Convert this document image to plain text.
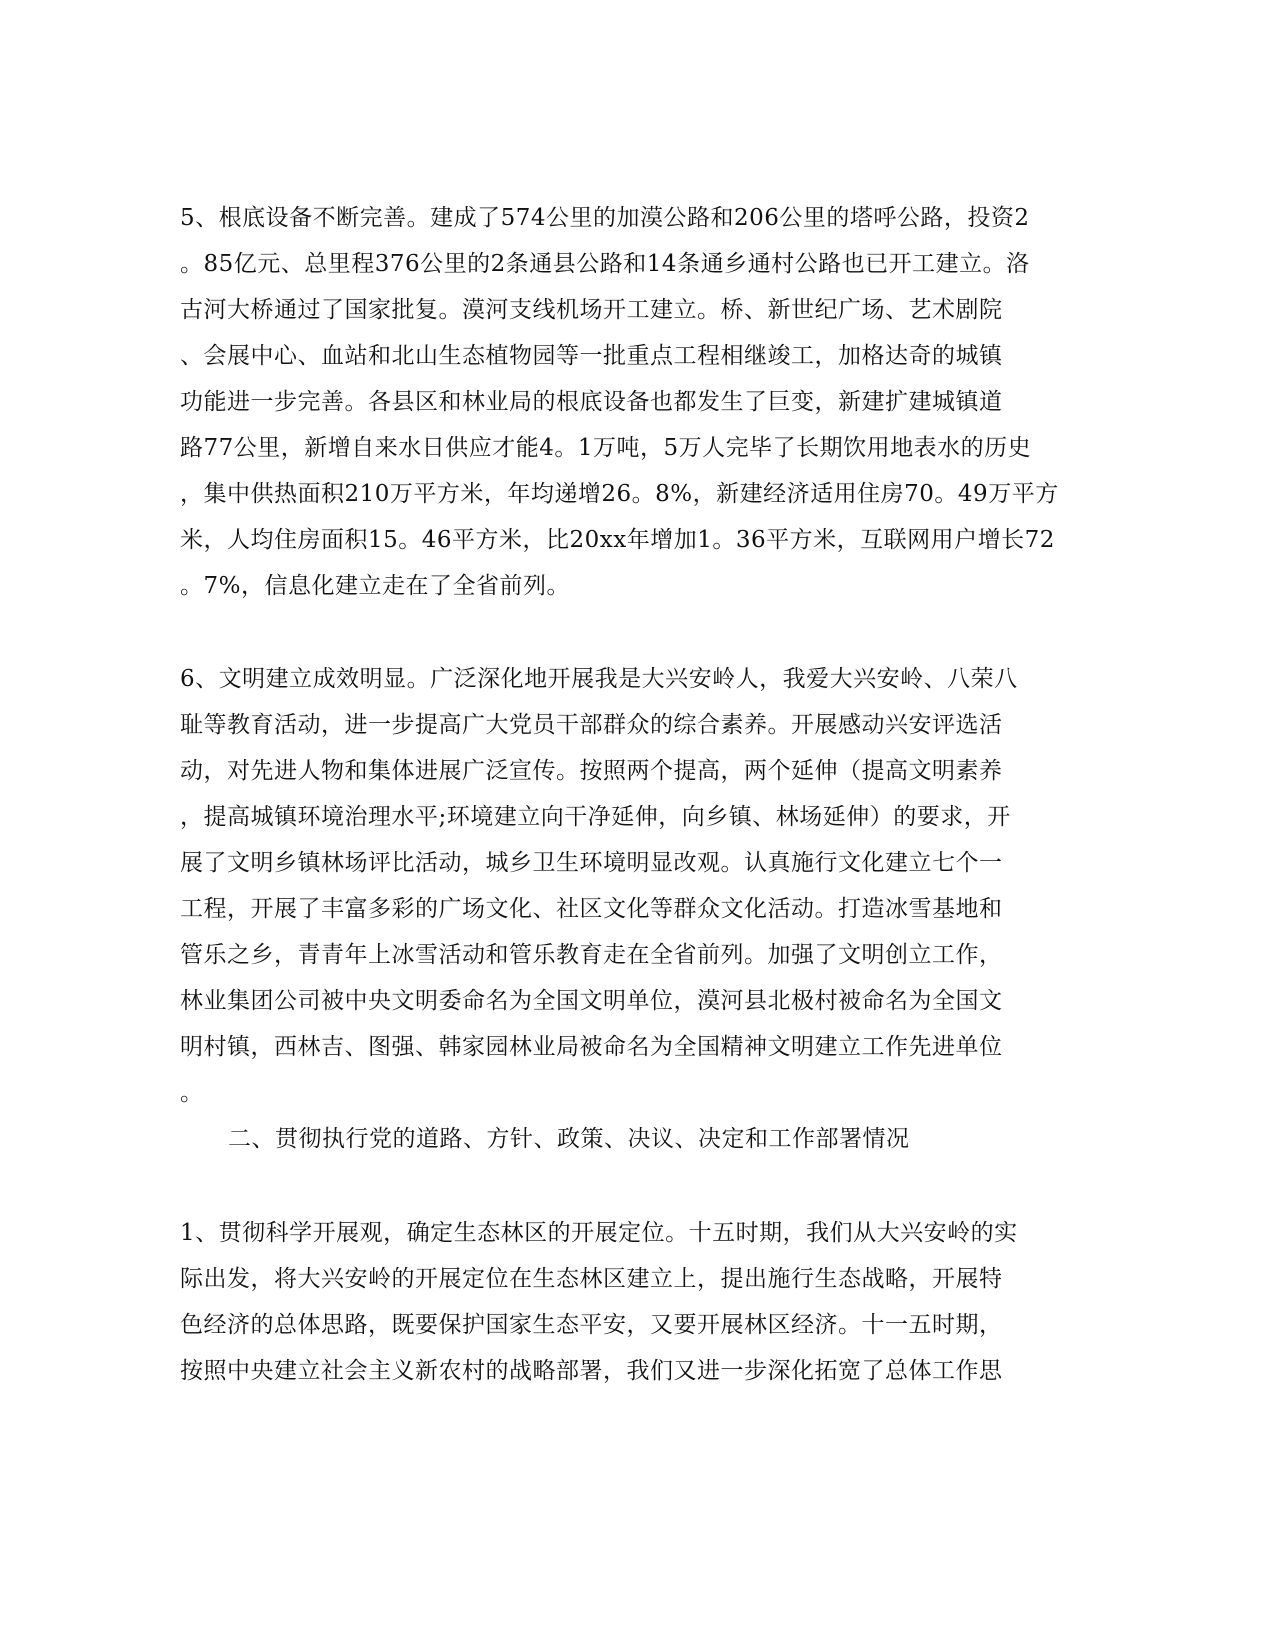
5、根底设备不断完善。建成了574公里的加漠公路和206公里的塔呼公路，投资2
。85亿元、总里程376公里的2条通县公路和14条通乡通村公路也已开工建立。洛
古河大桥通过了国家批复。漠河支线机场开工建立。桥、新世纪广场、艺术剧院
、会展中心、血站和北山生态植物园等一批重点工程相继竣工，加格达奇的城镇
功能进一步完善。各县区和林业局的根底设备也都发生了巨变，新建扩建城镇道
路77公里，新增自来水日供应才能4。1万吨，5万人完毕了长期饮用地表水的历史
，集中供热面积210万平方米，年均递增26。8%，新建经济适用住房70。49万平方
米，人均住房面积15。46平方米，比20xx年增加1。36平方米，互联网用户增长72
。7%，信息化建立走在了全省前列。
6、文明建立成效明显。广泛深化地开展我是大兴安岭人，我爱大兴安岭、八荣八
耻等教育活动，进一步提高广大党员干部群众的综合素养。开展感动兴安评选活
动，对先进人物和集体进展广泛宣传。按照两个提高，两个延伸（提高文明素养
，提高城镇环境治理水平;环境建立向干净延伸，向乡镇、林场延伸）的要求，开
展了文明乡镇林场评比活动，城乡卫生环境明显改观。认真施行文化建立七个一
工程，开展了丰富多彩的广场文化、社区文化等群众文化活动。打造冰雪基地和
管乐之乡，青青年上冰雪活动和管乐教育走在全省前列。加强了文明创立工作，
林业集团公司被中央文明委命名为全国文明单位，漠河县北极村被命名为全国文
明村镇，西林吉、图强、韩家园林业局被命名为全国精神文明建立工作先进单位
。
二、贯彻执行党的道路、方针、政策、决议、决定和工作部署情况
1、贯彻科学开展观，确定生态林区的开展定位。十五时期，我们从大兴安岭的实
际出发，将大兴安岭的开展定位在生态林区建立上，提出施行生态战略，开展特
色经济的总体思路，既要保护国家生态平安，又要开展林区经济。十一五时期，
按照中央建立社会主义新农村的战略部署，我们又进一步深化拓宽了总体工作思
